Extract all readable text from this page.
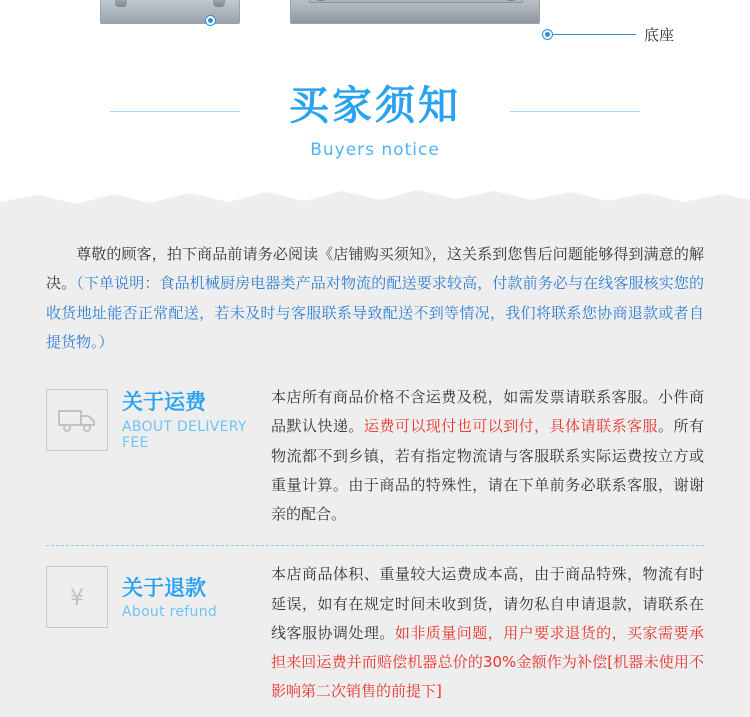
底座
买家须知
Buyers notice
尊敬的顾客，拍下商品前请务必阅读《店铺购买须知》，这关系到您售后问题能够得到满意的解决。（下单说明：食品机械厨房电器类产品对物流的配送要求较高，付款前务必与在线客服核实您的收货地址能否正常配送，若未及时与客服联系导致配送不到等情况，我们将联系您协商退款或者自提货物。）
关于运费
ABOUT DELIVERY FEE
本店所有商品价格不含运费及税，如需发票请联系客服。小件商品默认快递。运费可以现付也可以到付，具体请联系客服。所有物流都不到乡镇，若有指定物流请与客服联系实际运费按立方或重量计算。由于商品的特殊性，请在下单前务必联系客服，谢谢亲的配合。
¥ 关于退款
About refund
本店商品体积、重量较大运费成本高，由于商品特殊，物流有时延误，如有在规定时间未收到货，请勿私自申请退款，请联系在线客服协调处理。如非质量问题，用户要求退货的，买家需要承担来回运费并而赔偿机器总价的30%金额作为补偿[机器未使用不影响第二次销售的前提下]
